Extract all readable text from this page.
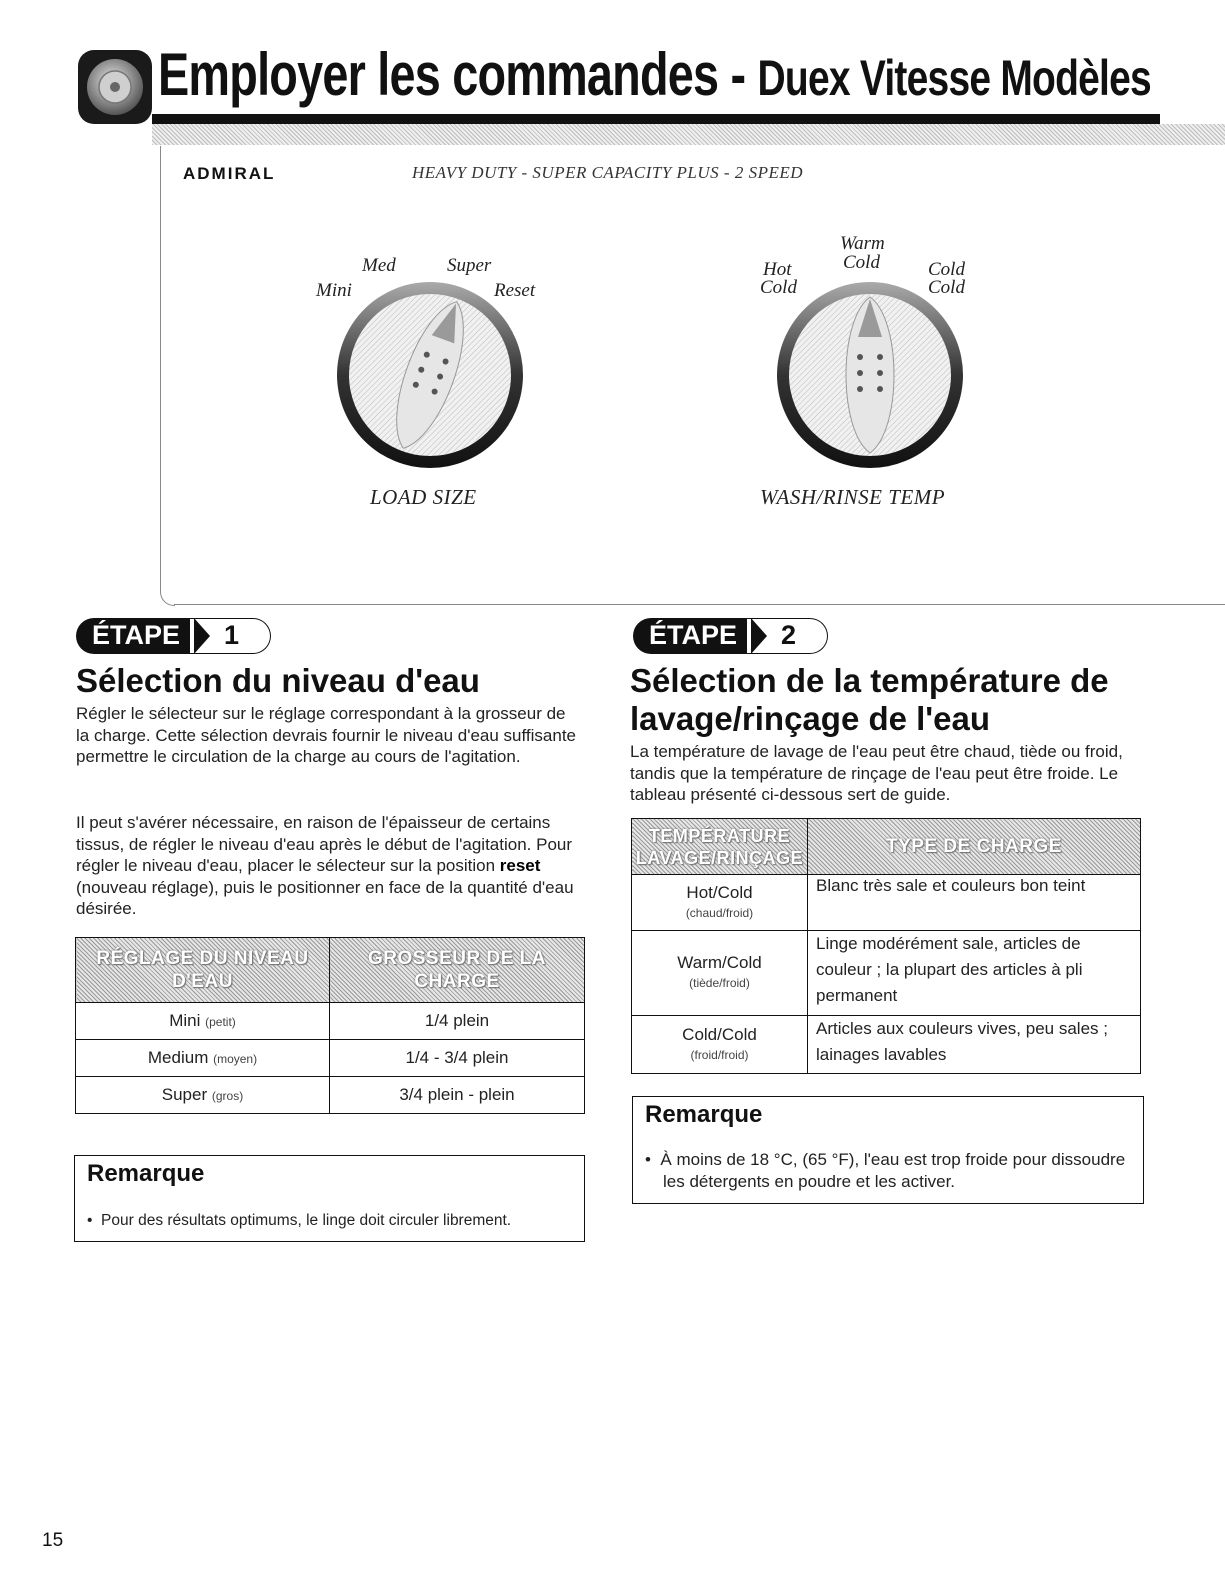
Employer les commandes - Duex Vitesse Modèles
ADMIRAL	HEAVY DUTY - SUPER CAPACITY PLUS - 2 SPEED
Med	Super
Mini	Reset
LOAD SIZE
Hot
Cold
Warm
Cold	Cold
Cold
WASH/RINSE TEMP
ÉTAPE 1
Sélection du niveau d'eau

Régler le sélecteur sur le réglage correspondant à la grosseur de la charge. Cette sélection devrais fournir le niveau d'eau suffisante permettre le circulation de la charge au cours de l'agitation.

Il peut s'avérer nécessaire, en raison de l'épaisseur de certains tissus, de régler le niveau d'eau après le début de l'agitation. Pour régler le niveau d'eau, placer le sélecteur sur la position reset (nouveau réglage), puis le positionner en face de la quantité d'eau désirée.

RÉGLAGE DU NIVEAU D'EAU	GROSSEUR DE LA CHARGE
Mini (petit)	1/4 plein
Medium (moyen)	1/4 - 3/4 plein
Super (gros)	3/4 plein - plein
Remarque
•  Pour des résultats optimums, le linge doit circuler librement.
ÉTAPE 2
Sélection de la température de
lavage/rinçage de l'eau

La température de lavage de l'eau peut être chaud, tiède ou froid, tandis que la température de rinçage de l'eau peut être froide. Le tableau présenté ci-dessous sert de guide.

TEMPÉRATURE LAVAGE/RINÇAGE	TYPE DE CHARGE

Hot/Cold
(chaud/froid)	Blanc très sale et couleurs bon teint

Warm/Cold
(tiède/froid)	Linge modérément sale, articles de couleur ; la plupart des articles à pli permanent

Cold/Cold
(froid/froid)	Articles aux couleurs vives, peu sales ; lainages lavables
Remarque
•  À moins de 18 °C, (65 °F), l'eau est trop froide pour dissoudre les détergents en poudre et les activer.
15
